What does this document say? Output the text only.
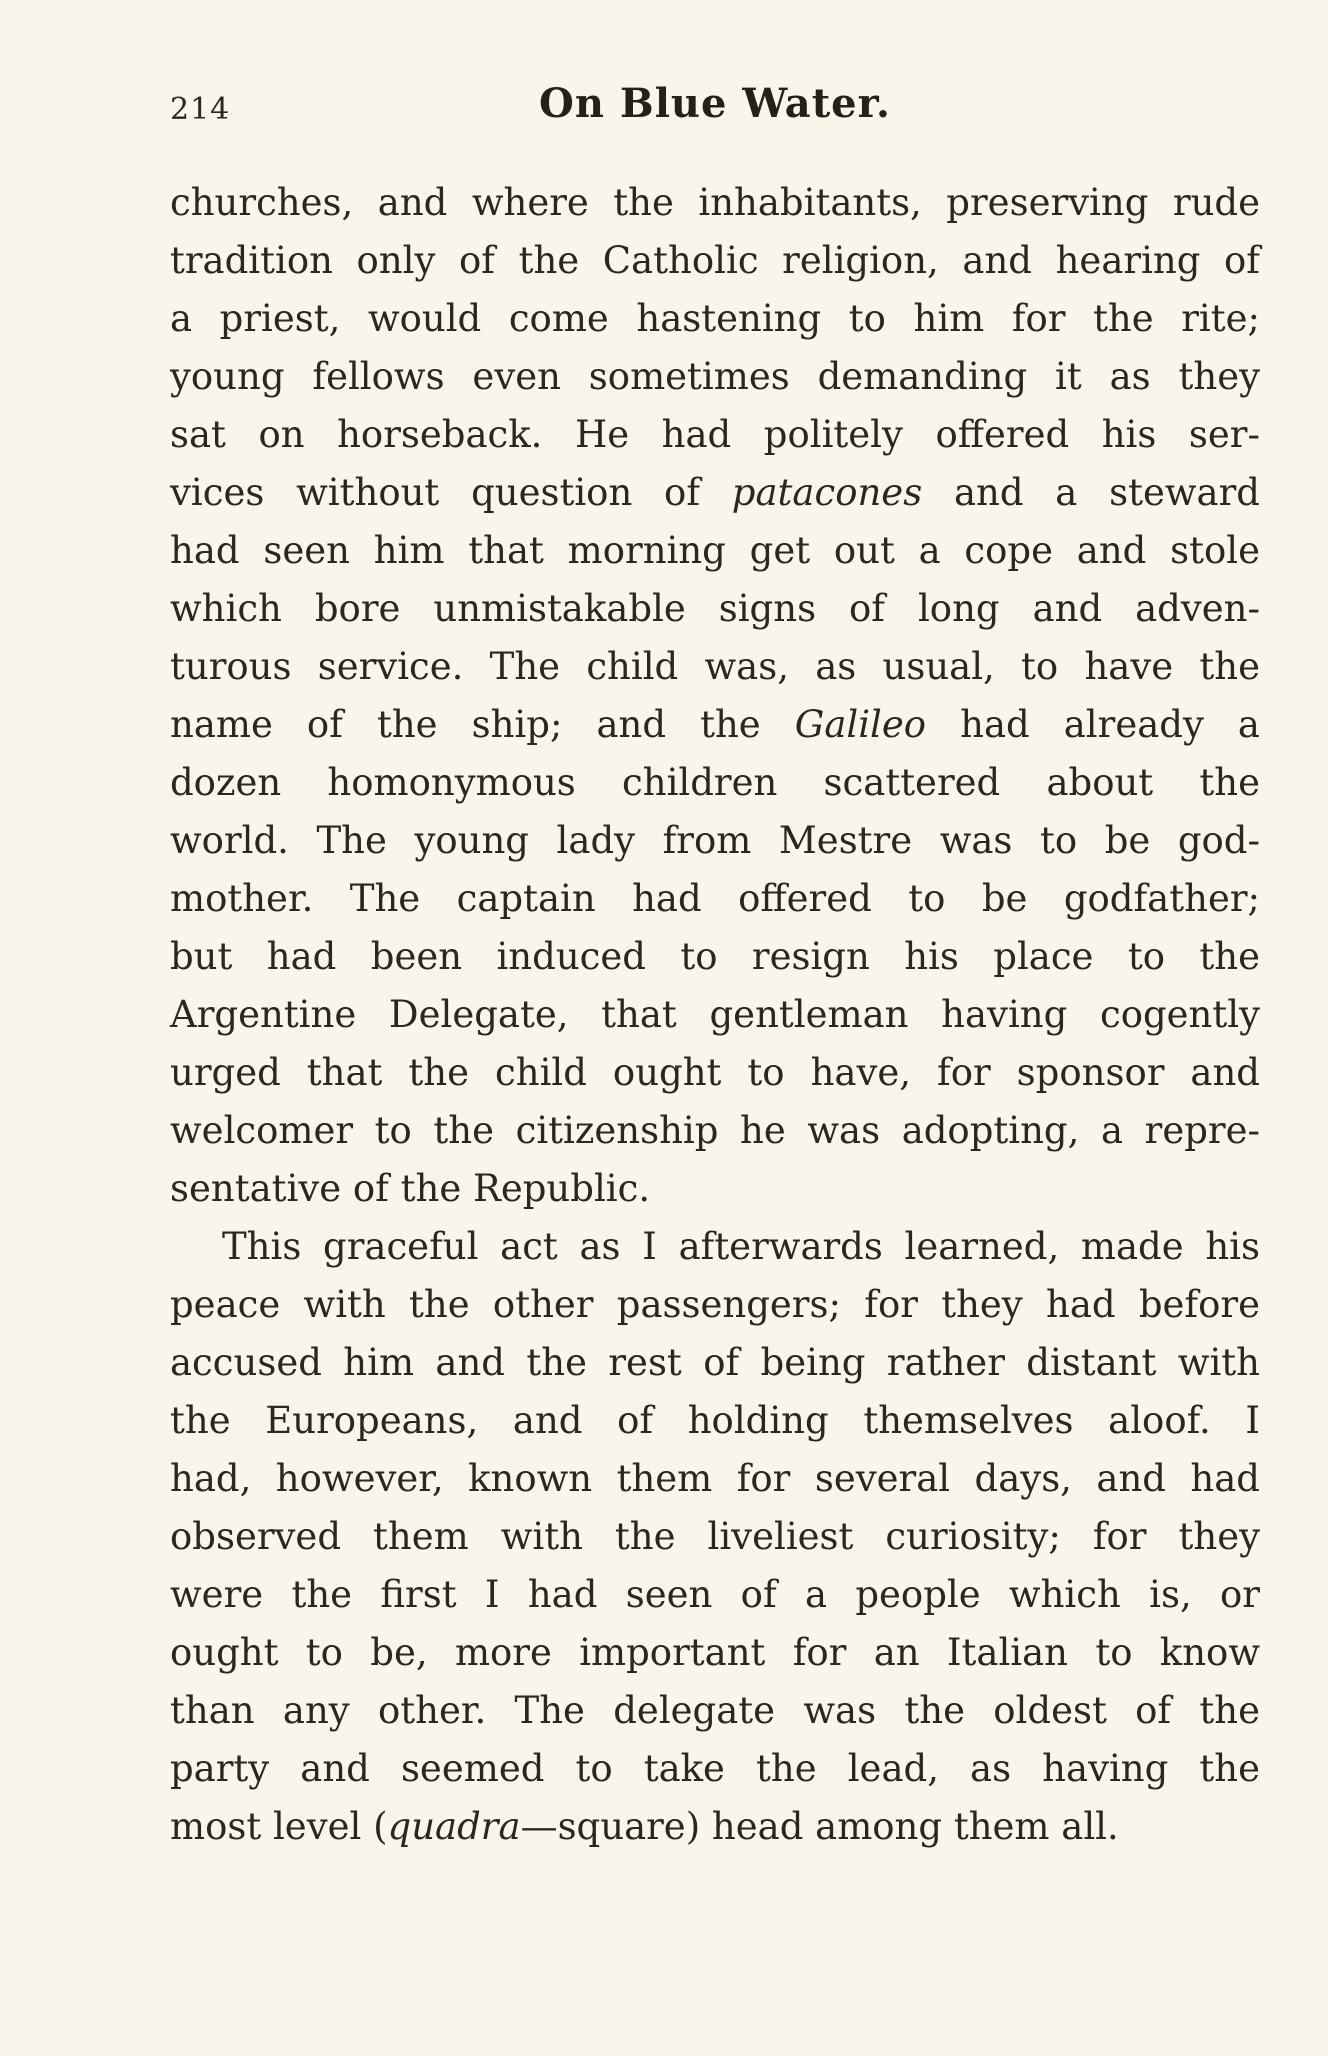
214	On Blue Water.
churches, and where the inhabitants, preserving rude
tradition only of the Catholic religion, and hearing of
a priest, would come hastening to him for the rite;
young fellows even sometimes demanding it as they
sat on horseback. He had politely offered his ser-
vices without question of patacones and a steward
had seen him that morning get out a cope and stole
which bore unmistakable signs of long and adven-
turous service. The child was, as usual, to have the
name of the ship; and the Galileo had already a
dozen homonymous children scattered about the
world. The young lady from Mestre was to be god-
mother. The captain had offered to be godfather;
but had been induced to resign his place to the
Argentine Delegate, that gentleman having cogently
urged that the child ought to have, for sponsor and
welcomer to the citizenship he was adopting, a repre-
sentative of the Republic.
This graceful act as I afterwards learned, made his
peace with the other passengers; for they had before
accused him and the rest of being rather distant with
the Europeans, and of holding themselves aloof. I
had, however, known them for several days, and had
observed them with the liveliest curiosity; for they
were the first I had seen of a people which is, or
ought to be, more important for an Italian to know
than any other. The delegate was the oldest of the
party and seemed to take the lead, as having the
most level (quadra—square) head among them all.
